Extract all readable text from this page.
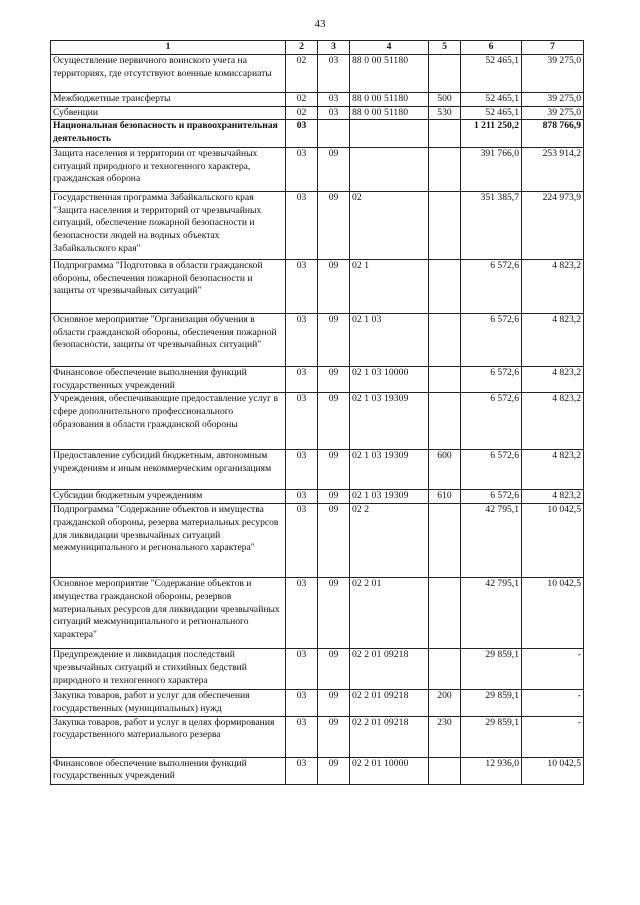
43
1	2	3	4	5	6	7
Осуществление первичного воинского учета на территориях, где отсутствуют военные комиссариаты	02	03	88 0 00 51180		52 465,1	39 275,0
Межбюджетные трансферты	02	03	88 0 00 51180	500	52 465,1	39 275,0
Субвенции	02	03	88 0 00 51180	530	52 465,1	39 275,0
Национальная безопасность и правоохранительная деятельность	03				1 211 250,2	878 766,9
Защита населения и территории от чрезвычайных ситуаций природного и техногенного характера, гражданская оборона	03	09			391 766,0	253 914,2
Государственная программа Забайкальского края "Защита населения и территорий от чрезвычайных ситуаций, обеспечение пожарной безопасности и безопасности людей на водных объектах Забайкальского края"	03	09	02		351 385,7	224 973,9
Подпрограмма "Подготовка в области гражданской обороны, обеспечения пожарной безопасности и защиты от чрезвычайных ситуаций"	03	09	02 1		6 572,6	4 823,2
Основное мероприятие "Организация обучения в области гражданской обороны, обеспечения пожарной безопасности, защиты от чрезвычайных ситуаций"	03	09	02 1 03		6 572,6	4 823,2
Финансовое обеспечение выполнения функций государственных учреждений	03	09	02 1 03 10000		6 572,6	4 823,2
Учреждения, обеспечивающие предоставление услуг в сфере дополнительного профессионального образования в области гражданской обороны	03	09	02 1 03 19309		6 572,6	4 823,2
Предоставление субсидий бюджетным, автономным учреждениям и иным некоммерческим организациям	03	09	02 1 03 19309	600	6 572,6	4 823,2
Субсидии бюджетным учреждениям	03	09	02 1 03 19309	610	6 572,6	4 823,2
Подпрограмма "Содержание объектов и имущества гражданской обороны, резерва материальных ресурсов для ликвидации чрезвычайных ситуаций межмуниципального и регионального характера"	03	09	02 2		42 795,1	10 042,5
Основное мероприятие "Содержание объектов и имущества гражданской обороны, резервов материальных ресурсов для ликвидации чрезвычайных ситуаций межмуниципального и регионального характера"	03	09	02 2 01		42 795,1	10 042,5
Предупреждение и ликвидация последствий чрезвычайных ситуаций и стихийных бедствий природного и техногенного характера	03	09	02 2 01 09218		29 859,1	-
Закупка товаров, работ и услуг для обеспечения государственных (муниципальных) нужд	03	09	02 2 01 09218	200	29 859,1	-
Закупка товаров, работ и услуг в целях формирования государственного материального резерва	03	09	02 2 01 09218	230	29 859,1	-
Финансовое обеспечение выполнения функций государственных учреждений	03	09	02 2 01 10000		12 936,0	10 042,5
